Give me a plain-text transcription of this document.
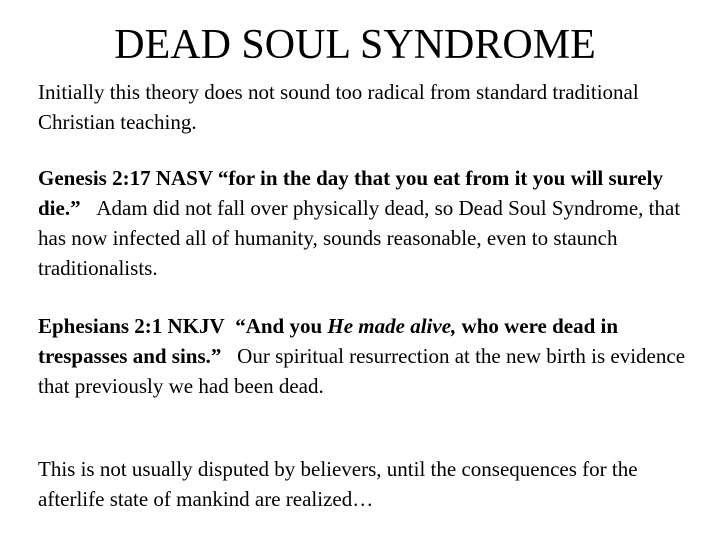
DEAD SOUL SYNDROME

Initially this theory does not sound too radical from standard traditional Christian teaching.

Genesis 2:17 NASV “for in the day that you eat from it you will surely die.” Adam did not fall over physically dead, so Dead Soul Syndrome, that has now infected all of humanity, sounds reasonable, even to staunch traditionalists.

Ephesians 2:1 NKJV “And you He made alive, who were dead in trespasses and sins.” Our spiritual resurrection at the new birth is evidence that previously we had been dead.

This is not usually disputed by believers, until the consequences for the afterlife state of mankind are realized…
